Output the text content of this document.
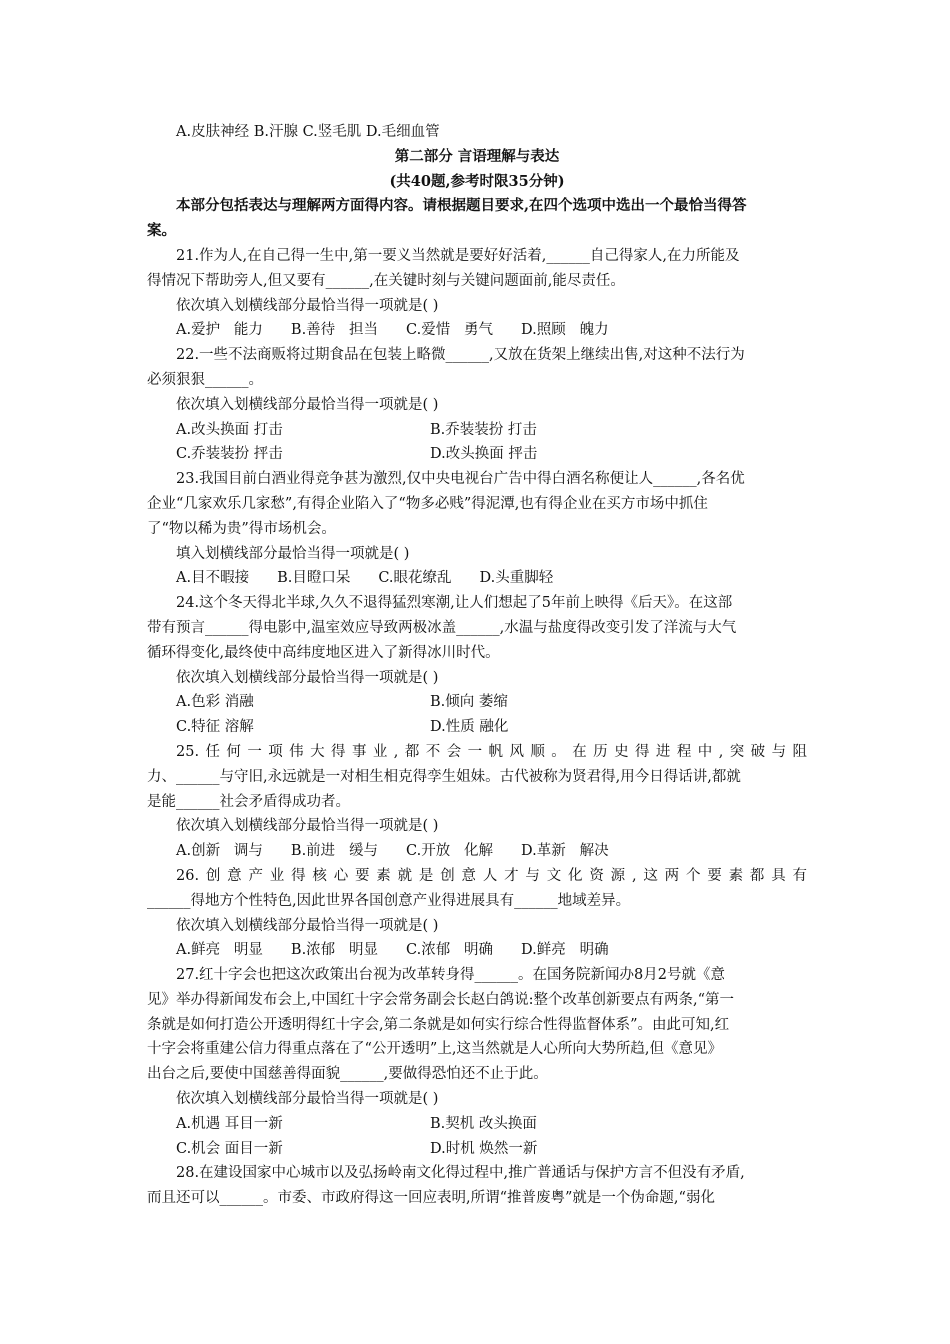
A.皮肤神经 B.汗腺 C.竖毛肌 D.毛细血管
第二部分 言语理解与表达
(共40题,参考时限35分钟)
本部分包括表达与理解两方面得内容。请根据题目要求,在四个选项中选出一个最恰当得答
案。
21.作为人,在自己得一生中,第一要义当然就是要好好活着,______自己得家人,在力所能及
得情况下帮助旁人,但又要有______,在关键时刻与关键问题面前,能尽责任。
依次填入划横线部分最恰当得一项就是( )
A.爱护   能力 B.善待   担当 C.爱惜   勇气 D.照顾   魄力
22.一些不法商贩将过期食品在包装上略微______,又放在货架上继续出售,对这种不法行为
必须狠狠______。
依次填入划横线部分最恰当得一项就是( )
A.改头换面 打击	B.乔装装扮 打击
C.乔装装扮 抨击	D.改头换面 抨击
23.我国目前白酒业得竞争甚为激烈,仅中央电视台广告中得白酒名称便让人______,各名优
企业“几家欢乐几家愁”,有得企业陷入了“物多必贱”得泥潭,也有得企业在买方市场中抓住
了“物以稀为贵”得市场机会。
填入划横线部分最恰当得一项就是( )
A.目不暇接 B.目瞪口呆 C.眼花缭乱 D.头重脚轻
24.这个冬天得北半球,久久不退得猛烈寒潮,让人们想起了5年前上映得《后天》。在这部
带有预言______得电影中,温室效应导致两极冰盖______,水温与盐度得改变引发了洋流与大气
循环得变化,最终使中高纬度地区进入了新得冰川时代。
依次填入划横线部分最恰当得一项就是( )
A.色彩 消融	B.倾向 萎缩
C.特征 溶解	D.性质 融化
25.任何一项伟大得事业,都不会一帆风顺。在历史得进程中,突破与阻
力、______与守旧,永远就是一对相生相克得孪生姐妹。古代被称为贤君得,用今日得话讲,都就
是能______社会矛盾得成功者。
依次填入划横线部分最恰当得一项就是( )
A.创新   调与 B.前进   缓与 C.开放   化解 D.革新   解决
26.创意产业得核心要素就是创意人才与文化资源,这两个要素都具有
______得地方个性特色,因此世界各国创意产业得进展具有______地域差异。
依次填入划横线部分最恰当得一项就是( )
A.鲜亮   明显 B.浓郁   明显 C.浓郁   明确 D.鲜亮   明确
27.红十字会也把这次政策出台视为改革转身得______。在国务院新闻办8月2号就《意
见》举办得新闻发布会上,中国红十字会常务副会长赵白鸽说:整个改革创新要点有两条,“第一
条就是如何打造公开透明得红十字会,第二条就是如何实行综合性得监督体系”。由此可知,红
十字会将重建公信力得重点落在了“公开透明”上,这当然就是人心所向大势所趋,但《意见》
出台之后,要使中国慈善得面貌______,要做得恐怕还不止于此。
依次填入划横线部分最恰当得一项就是( )
A.机遇 耳目一新	B.契机 改头换面
C.机会 面目一新	D.时机 焕然一新
28.在建设国家中心城市以及弘扬岭南文化得过程中,推广普通话与保护方言不但没有矛盾,
而且还可以______。市委、市政府得这一回应表明,所谓“推普废粤”就是一个伪命题,“弱化
